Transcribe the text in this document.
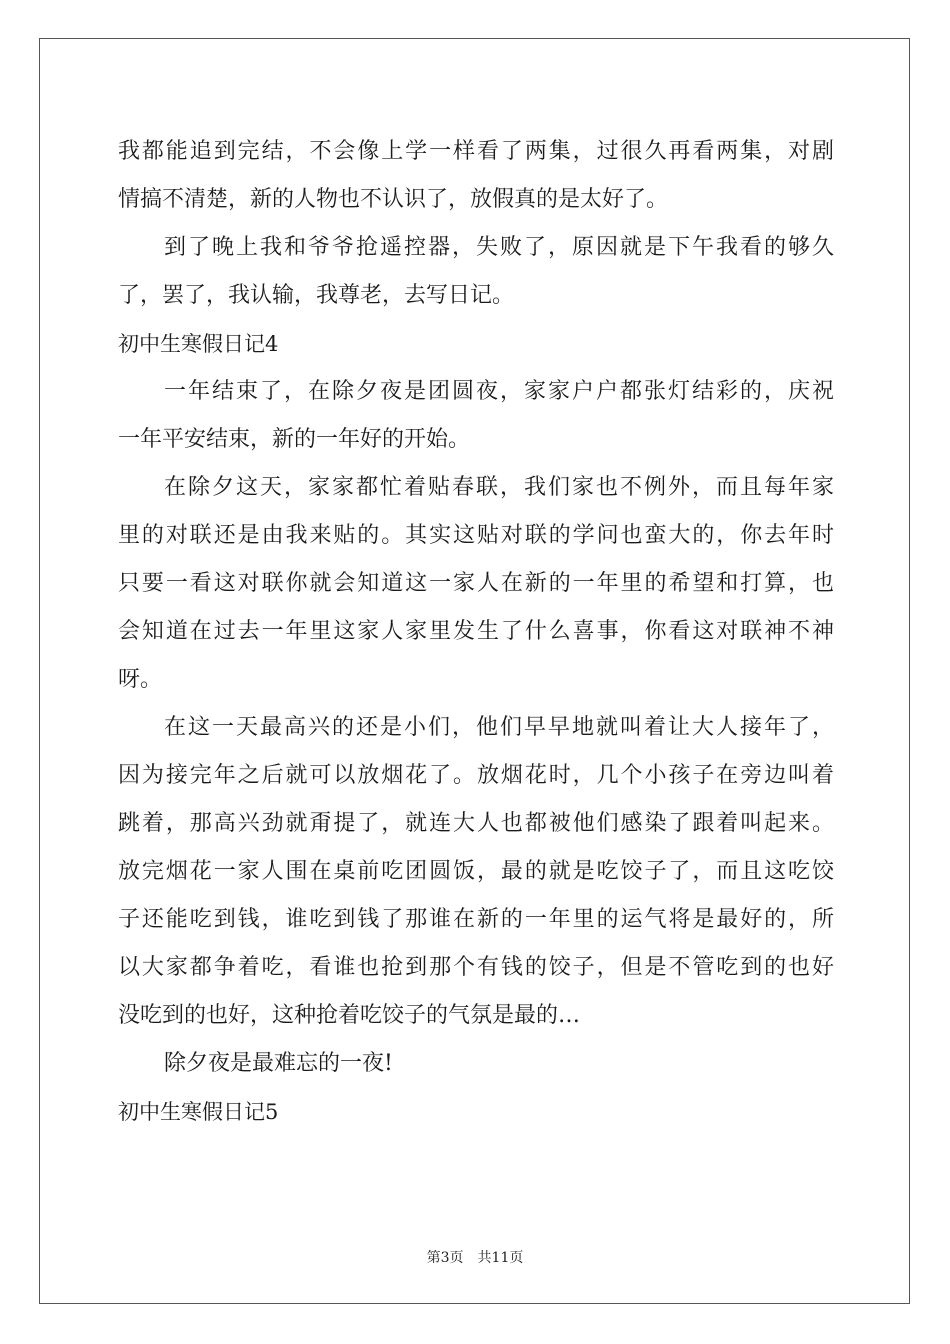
我都能追到完结，不会像上学一样看了两集，过很久再看两集，对剧
情搞不清楚，新的人物也不认识了，放假真的是太好了。
到了晚上我和爷爷抢遥控器，失败了，原因就是下午我看的够久
了，罢了，我认输，我尊老，去写日记。
初中生寒假日记4
一年结束了，在除夕夜是团圆夜，家家户户都张灯结彩的，庆祝
一年平安结束，新的一年好的开始。
在除夕这天，家家都忙着贴春联，我们家也不例外，而且每年家
里的对联还是由我来贴的。其实这贴对联的学问也蛮大的，你去年时
只要一看这对联你就会知道这一家人在新的一年里的希望和打算，也
会知道在过去一年里这家人家里发生了什么喜事，你看这对联神不神
呀。
在这一天最高兴的还是小们，他们早早地就叫着让大人接年了，
因为接完年之后就可以放烟花了。放烟花时，几个小孩子在旁边叫着
跳着，那高兴劲就甭提了，就连大人也都被他们感染了跟着叫起来。
放完烟花一家人围在桌前吃团圆饭，最的就是吃饺子了，而且这吃饺
子还能吃到钱，谁吃到钱了那谁在新的一年里的运气将是最好的，所
以大家都争着吃，看谁也抢到那个有钱的饺子，但是不管吃到的也好
没吃到的也好，这种抢着吃饺子的气氛是最的…
除夕夜是最难忘的一夜!
初中生寒假日记5
第3页 共11页
